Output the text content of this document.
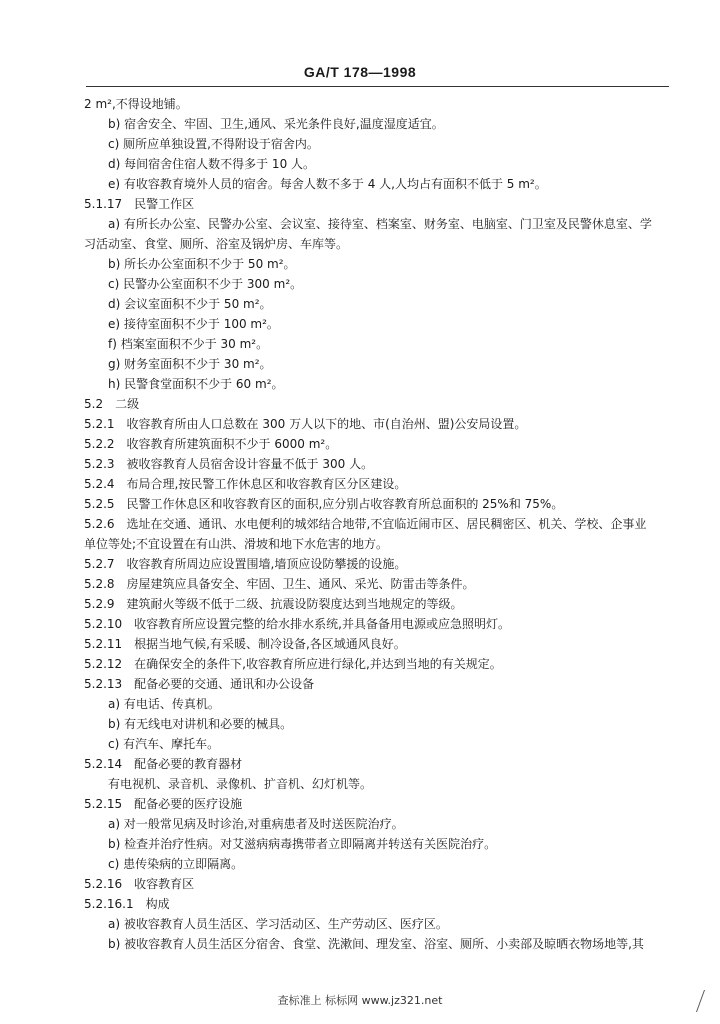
GA/T 178—1998
2 m²,不得设地铺。
b) 宿舍安全、牢固、卫生,通风、采光条件良好,温度湿度适宜。
c) 厕所应单独设置,不得附设于宿舍内。
d) 每间宿舍住宿人数不得多于 10 人。
e) 有收容教育境外人员的宿舍。每舍人数不多于 4 人,人均占有面积不低于 5 m²。
5.1.17　民警工作区
a) 有所长办公室、民警办公室、会议室、接待室、档案室、财务室、电脑室、门卫室及民警休息室、学
习活动室、食堂、厕所、浴室及锅炉房、车库等。
b) 所长办公室面积不少于 50 m²。
c) 民警办公室面积不少于 300 m²。
d) 会议室面积不少于 50 m²。
e) 接待室面积不少于 100 m²。
f) 档案室面积不少于 30 m²。
g) 财务室面积不少于 30 m²。
h) 民警食堂面积不少于 60 m²。
5.2　二级
5.2.1　收容教育所由人口总数在 300 万人以下的地、市(自治州、盟)公安局设置。
5.2.2　收容教育所建筑面积不少于 6000 m²。
5.2.3　被收容教育人员宿舍设计容量不低于 300 人。
5.2.4　布局合理,按民警工作休息区和收容教育区分区建设。
5.2.5　民警工作休息区和收容教育区的面积,应分别占收容教育所总面积的 25%和 75%。
5.2.6　选址在交通、通讯、水电便利的城郊结合地带,不宜临近闹市区、居民稠密区、机关、学校、企事业
单位等处;不宜设置在有山洪、滑坡和地下水危害的地方。
5.2.7　收容教育所周边应设置围墙,墙顶应设防攀援的设施。
5.2.8　房屋建筑应具备安全、牢固、卫生、通风、采光、防雷击等条件。
5.2.9　建筑耐火等级不低于二级、抗震设防裂度达到当地规定的等级。
5.2.10　收容教育所应设置完整的给水排水系统,并具备备用电源或应急照明灯。
5.2.11　根据当地气候,有采暖、制冷设备,各区域通风良好。
5.2.12　在确保安全的条件下,收容教育所应进行绿化,并达到当地的有关规定。
5.2.13　配备必要的交通、通讯和办公设备
a) 有电话、传真机。
b) 有无线电对讲机和必要的械具。
c) 有汽车、摩托车。
5.2.14　配备必要的教育器材
有电视机、录音机、录像机、扩音机、幻灯机等。
5.2.15　配备必要的医疗设施
a) 对一般常见病及时诊治,对重病患者及时送医院治疗。
b) 检查并治疗性病。对艾滋病病毒携带者立即隔离并转送有关医院治疗。
c) 患传染病的立即隔离。
5.2.16　收容教育区
5.2.16.1　构成
a) 被收容教育人员生活区、学习活动区、生产劳动区、医疗区。
b) 被收容教育人员生活区分宿舍、食堂、洗漱间、理发室、浴室、厕所、小卖部及晾晒衣物场地等,其
查标准上 标标网 www.jz321.net
